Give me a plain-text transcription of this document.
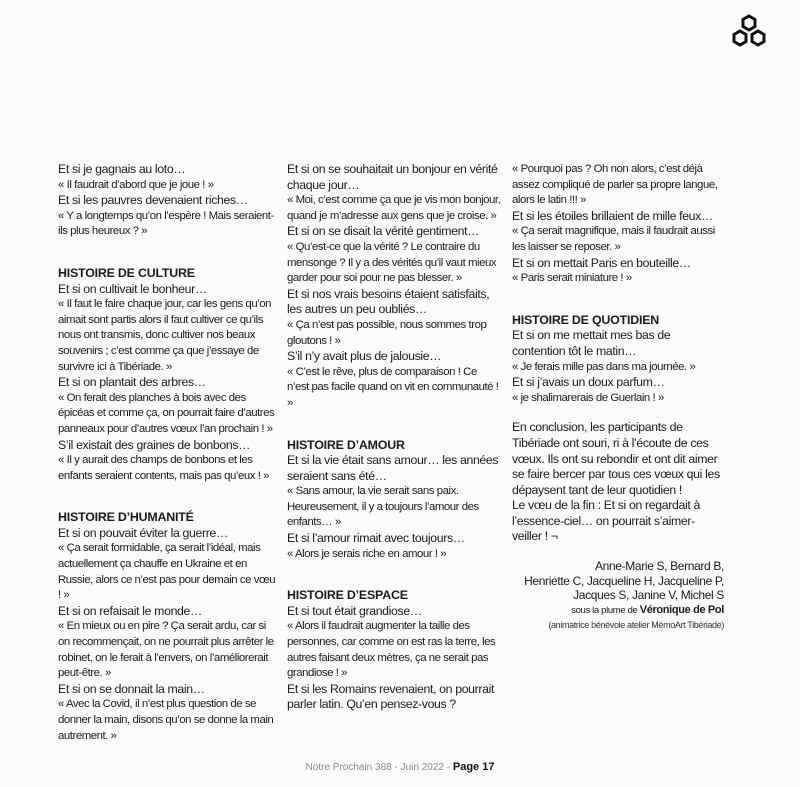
Et si je gagnais au loto…

« Il faudrait d’abord que je joue ! »

Et si les pauvres devenaient riches…

« Y a longtemps qu’on l’espère ! Mais seraient-ils plus heureux ? »

HISTOIRE DE CULTURE

Et si on cultivait le bonheur…

« Il faut le faire chaque jour, car les gens qu’on aimait sont partis alors il faut cultiver ce qu’ils nous ont transmis, donc cultiver nos beaux souvenirs ; c’est comme ça que j’essaye de survivre ici à Tibériade. »

Et si on plantait des arbres…

« On ferait des planches à bois avec des épicéas et comme ça, on pourrait faire d’autres panneaux pour d’autres vœux l’an prochain ! »

S’il existait des graines de bonbons…

« Il y aurait des champs de bonbons et les enfants seraient contents, mais pas qu’eux ! »

HISTOIRE D’HUMANITÉ

Et si on pouvait éviter la guerre…

« Ça serait formidable, ça serait l’idéal, mais actuellement ça chauffe en Ukraine et en Russie, alors ce n’est pas pour demain ce vœu ! »

Et si on refaisait le monde…

« En mieux ou en pire ? Ça serait ardu, car si on recommençait, on ne pourrait plus arrêter le robinet, on le ferait à l’envers, on l’améliorerait peut-être. »

Et si on se donnait la main…

« Avec la Covid, il n’est plus question de se donner la main, disons qu’on se donne la main autrement. »

Et si on se souhaitait un bonjour en vérité chaque jour…

« Moi, c’est comme ça que je vis mon bonjour, quand je m’adresse aux gens que je croise. »

Et si on se disait la vérité gentiment…

« Qu’est-ce que la vérité ? Le contraire du mensonge ? Il y a des vérités qu’il vaut mieux garder pour soi pour ne pas blesser. »

Et si nos vrais besoins étaient satisfaits, les autres un peu oubliés…

« Ça n’est pas possible, nous sommes trop gloutons ! »

S’il n’y avait plus de jalousie…

« C’est le rêve, plus de comparaison ! Ce n’est pas facile quand on vit en communauté ! »

HISTOIRE D’AMOUR

Et si la vie était sans amour… les années seraient sans été…

« Sans amour, la vie serait sans paix. Heureusement, il y a toujours l’amour des enfants… »

Et si l’amour rimait avec toujours…

« Alors je serais riche en amour ! »

HISTOIRE D’ESPACE

Et si tout était grandiose…

« Alors il faudrait augmenter la taille des personnes, car comme on est ras la terre, les autres faisant deux mètres, ça ne serait pas grandiose ! »

Et si les Romains revenaient, on pourrait parler latin. Qu’en pensez-vous ?

« Pourquoi pas ? Oh non alors, c’est déjà assez compliqué de parler sa propre langue, alors le latin !!! »

Et si les étoiles brillaient de mille feux…

« Ça serait magnifique, mais il faudrait aussi les laisser se reposer. »

Et si on mettait Paris en bouteille…

« Paris serait miniature ! »

HISTOIRE DE QUOTIDIEN

Et si on me mettait mes bas de contention tôt le matin…

« Je ferais mille pas dans ma journée. »

Et si j’avais un doux parfum…

« je shalimarerais de Guerlain ! »

En conclusion, les participants de Tibériade ont souri, ri à l’écoute de ces vœux. Ils ont su rebondir et ont dit aimer se faire bercer par tous ces vœux qui les dépaysent tant de leur quotidien !

Le vœu de la fin : Et si on regardait à l’essence-ciel… on pourrait s’aimer-veiller ! ¬

Anne-Marie S, Bernard B,
Henriette C, Jacqueline H, Jacqueline P,
Jacques S, Janine V, Michel S
sous la plume de Véronique de Pol
(animatrice bénévole atelier MémoArt Tibériade)
Notre Prochain 388 - Juin 2022 - Page 17
